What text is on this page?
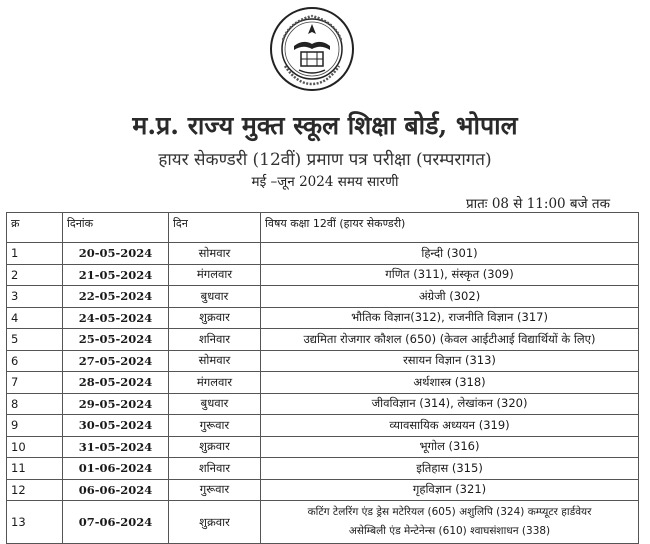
म.प्र. राज्य मुक्त स्कूल शिक्षा बोर्ड, भोपाल
हायर सेकण्डरी (12वीं) प्रमाण पत्र परीक्षा (परम्परागत)
मई –जून 2024 समय सारणी
प्रातः 08 से 11:00 बजे तक
क्र	दिनांक	दिन	विषय कक्षा 12वीं (हायर सेकण्डरी)
1	20-05-2024	सोमवार	हिन्दी (301)
2	21-05-2024	मंगलवार	गणित (311), संस्कृत (309)
3	22-05-2024	बुधवार	अंग्रेजी (302)
4	24-05-2024	शुक्रवार	भौतिक विज्ञान(312), राजनीति विज्ञान (317)
5	25-05-2024	शनिवार	उद्यमिता रोजगार कौशल (650) (केवल आईटीआई विद्यार्थियों के लिए)
6	27-05-2024	सोमवार	रसायन विज्ञान (313)
7	28-05-2024	मंगलवार	अर्थशास्त्र (318)
8	29-05-2024	बुधवार	जीवविज्ञान (314), लेखांकन (320)
9	30-05-2024	गुरूवार	व्यावसायिक अध्ययन (319)
10	31-05-2024	शुक्रवार	भूगोल (316)
11	01-06-2024	शनिवार	इतिहास (315)
12	06-06-2024	गुरूवार	गृहविज्ञान (321)
13	07-06-2024	शुक्रवार	कटिंग टेलरिंग एंड ड्रेस मटेरियल (605) अशुलिपि (324) कम्प्यूटर हार्डवेयर
असेम्बिली एंड मेन्टेनेन्स (610) श्वाघसंशाधन (338)
